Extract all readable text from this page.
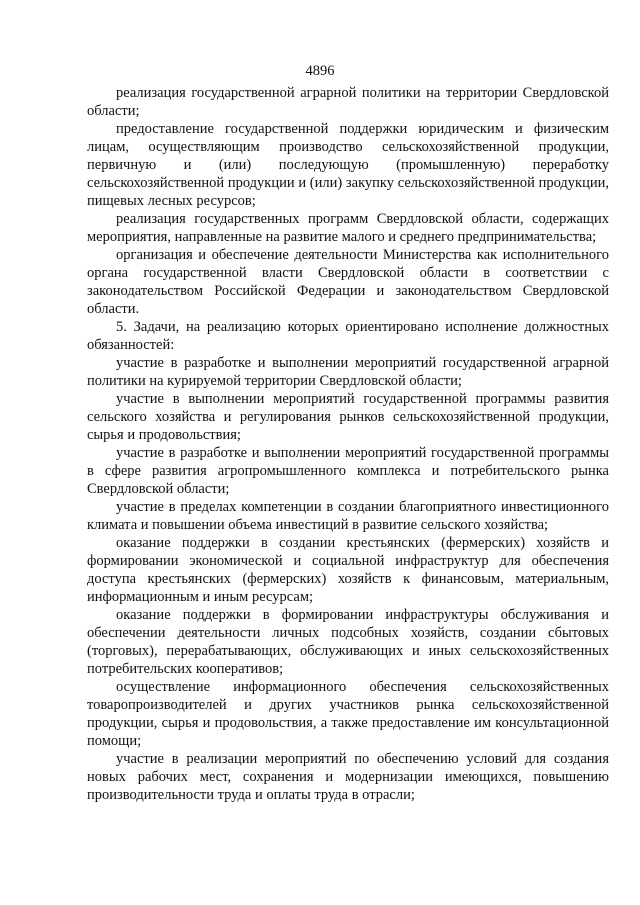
4896

реализация государственной аграрной политики на территории Свердловской области;

предоставление государственной поддержки юридическим и физическим лицам, осуществляющим производство сельскохозяйственной продукции, первичную и (или) последующую (промышленную) переработку сельскохозяйственной продукции и (или) закупку сельскохозяйственной продукции, пищевых лесных ресурсов;

реализация государственных программ Свердловской области, содержащих мероприятия, направленные на развитие малого и среднего предпринимательства;

организация и обеспечение деятельности Министерства как исполнительного органа государственной власти Свердловской области в соответствии с законодательством Российской Федерации и законодательством Свердловской области.

5. Задачи, на реализацию которых ориентировано исполнение должностных обязанностей:

участие в разработке и выполнении мероприятий государственной аграрной политики на курируемой территории Свердловской области;

участие в выполнении мероприятий государственной программы развития сельского хозяйства и регулирования рынков сельскохозяйственной продукции, сырья и продовольствия;

участие в разработке и выполнении мероприятий государственной программы в сфере развития агропромышленного комплекса и потребительского рынка Свердловской области;

участие в пределах компетенции в создании благоприятного инвестиционного климата и повышении объема инвестиций в развитие сельского хозяйства;

оказание поддержки в создании крестьянских (фермерских) хозяйств и формировании экономической и социальной инфраструктур для обеспечения доступа крестьянских (фермерских) хозяйств к финансовым, материальным, информационным и иным ресурсам;

оказание поддержки в формировании инфраструктуры обслуживания и обеспечении деятельности личных подсобных хозяйств, создании сбытовых (торговых), перерабатывающих, обслуживающих и иных сельскохозяйственных потребительских кооперативов;

осуществление информационного обеспечения сельскохозяйственных товаропроизводителей и других участников рынка сельскохозяйственной продукции, сырья и продовольствия, а также предоставление им консультационной помощи;

участие в реализации мероприятий по обеспечению условий для создания новых рабочих мест, сохранения и модернизации имеющихся, повышению производительности труда и оплаты труда в отрасли;
